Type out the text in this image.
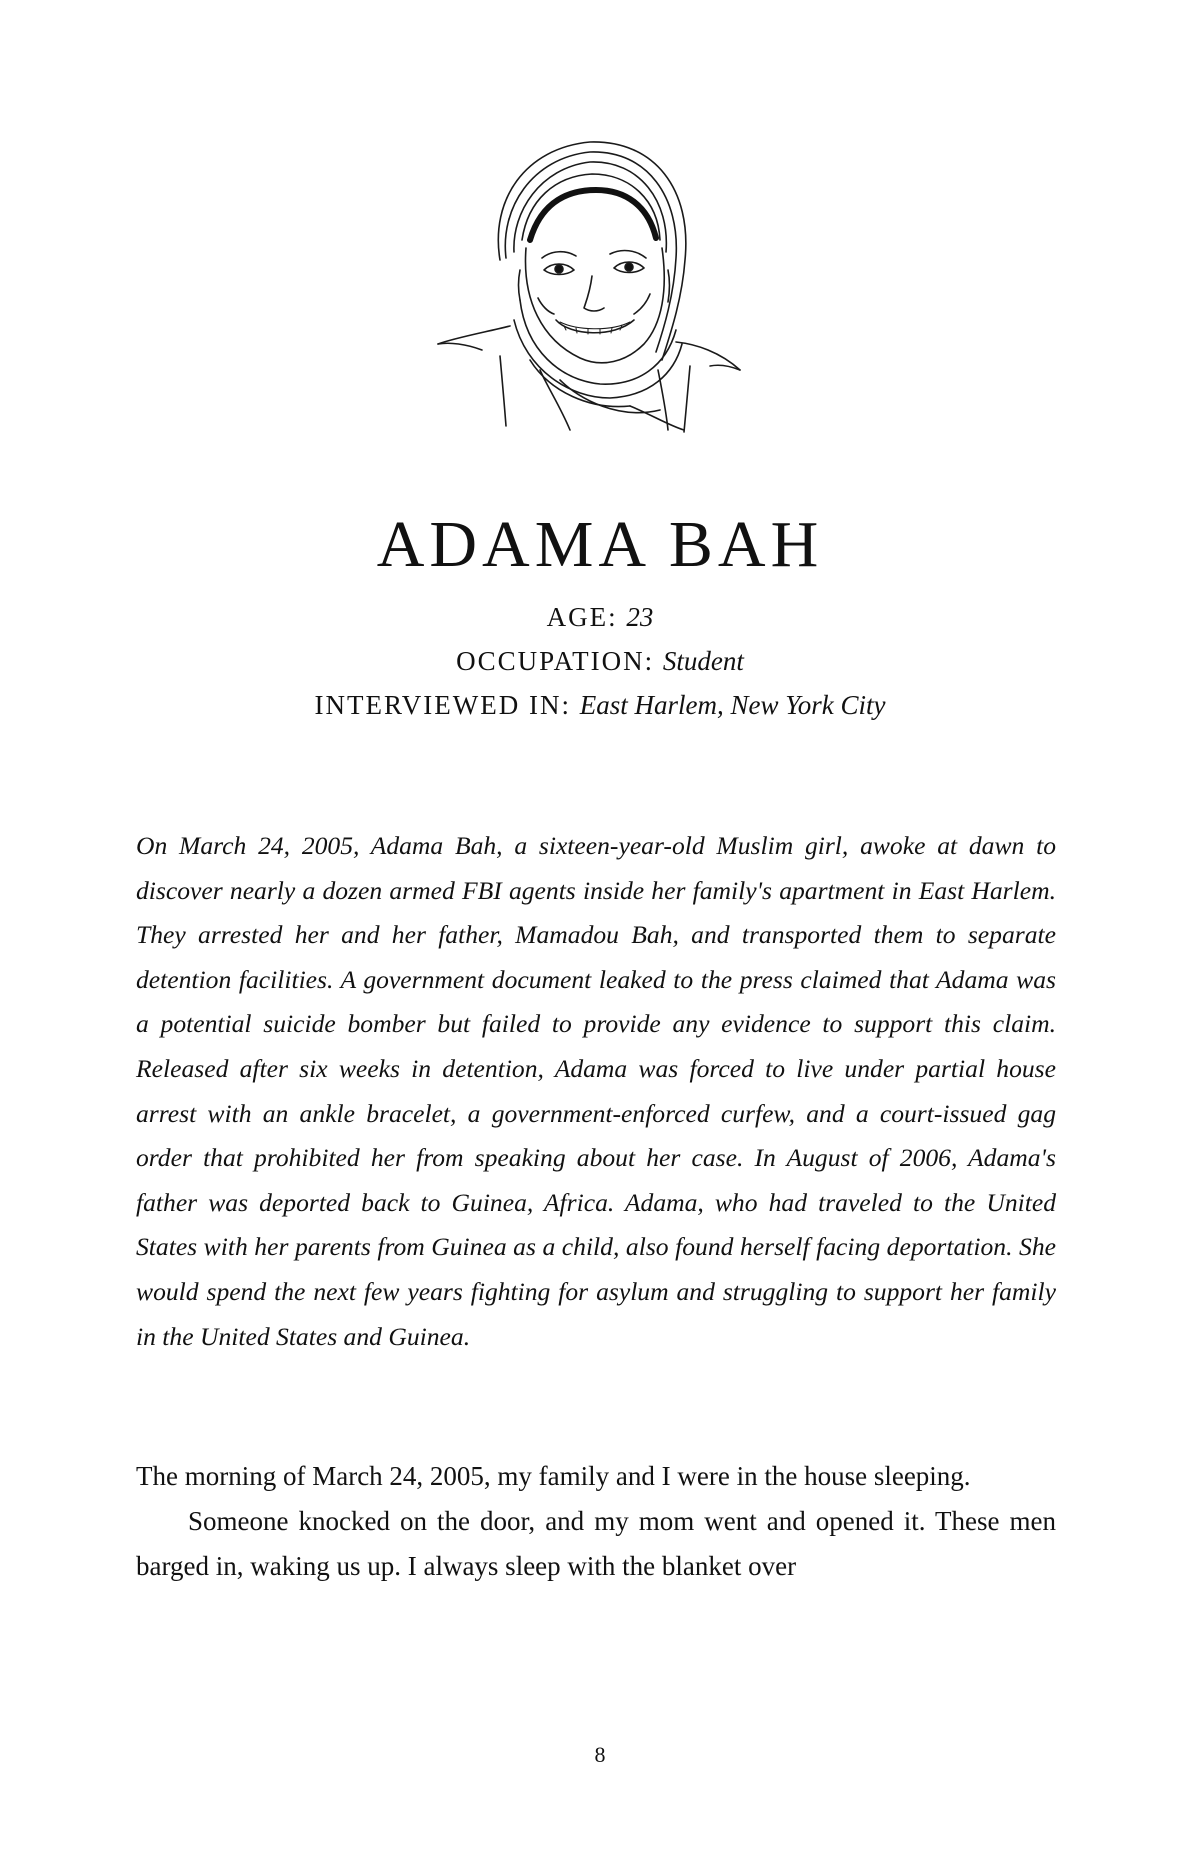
ADAMA BAH
AGE: 23
OCCUPATION: Student
INTERVIEWED IN: East Harlem, New York City

On March 24, 2005, Adama Bah, a sixteen-year-old Muslim girl, awoke at dawn to discover nearly a dozen armed FBI agents inside her family's apartment in East Harlem. They arrested her and her father, Mamadou Bah, and transported them to separate detention facilities. A government document leaked to the press claimed that Adama was a potential suicide bomber but failed to provide any evidence to support this claim. Released after six weeks in detention, Adama was forced to live under partial house arrest with an ankle bracelet, a government-enforced curfew, and a court-issued gag order that prohibited her from speaking about her case. In August of 2006, Adama's father was deported back to Guinea, Africa. Adama, who had traveled to the United States with her parents from Guinea as a child, also found herself facing deportation. She would spend the next few years fighting for asylum and struggling to support her family in the United States and Guinea.

The morning of March 24, 2005, my family and I were in the house sleeping.

Someone knocked on the door, and my mom went and opened it. These men barged in, waking us up. I always sleep with the blanket over

8
